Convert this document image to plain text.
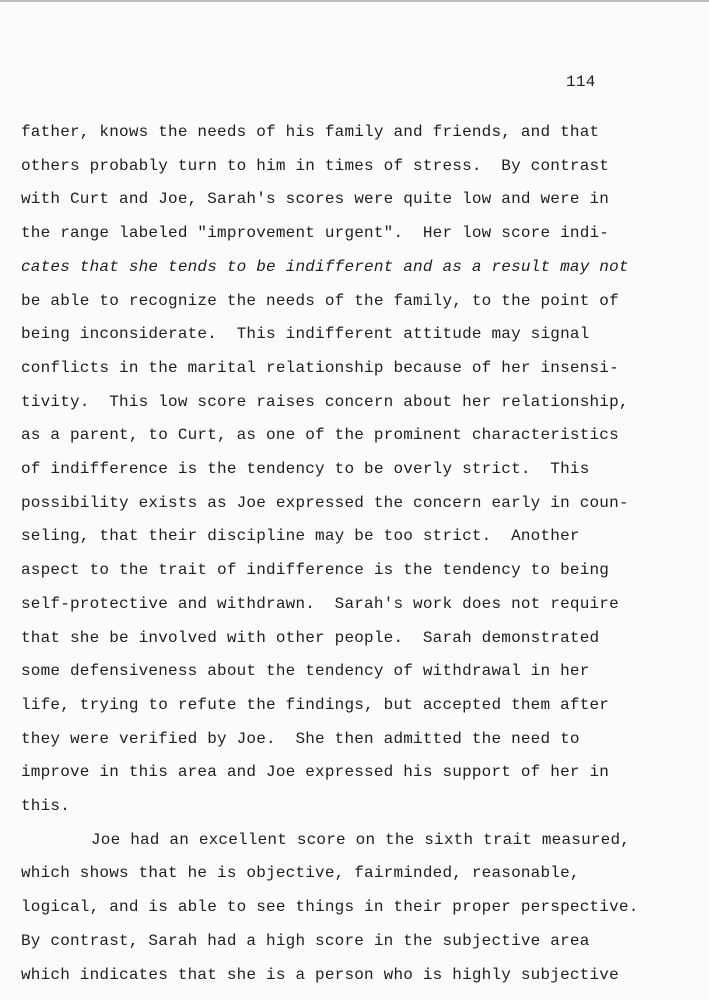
114
father, knows the needs of his family and friends, and that
others probably turn to him in times of stress.  By contrast
with Curt and Joe, Sarah's scores were quite low and were in
the range labeled "improvement urgent".  Her low score indi-
cates that she tends to be indifferent and as a result may not
be able to recognize the needs of the family, to the point of
being inconsiderate.  This indifferent attitude may signal
conflicts in the marital relationship because of her insensi-
tivity.  This low score raises concern about her relationship,
as a parent, to Curt, as one of the prominent characteristics
of indifference is the tendency to be overly strict.  This
possibility exists as Joe expressed the concern early in coun-
seling, that their discipline may be too strict.  Another
aspect to the trait of indifference is the tendency to being
self-protective and withdrawn.  Sarah's work does not require
that she be involved with other people.  Sarah demonstrated
some defensiveness about the tendency of withdrawal in her
life, trying to refute the findings, but accepted them after
they were verified by Joe.  She then admitted the need to
improve in this area and Joe expressed his support of her in
this.
Joe had an excellent score on the sixth trait measured,
which shows that he is objective, fairminded, reasonable,
logical, and is able to see things in their proper perspective.
By contrast, Sarah had a high score in the subjective area
which indicates that she is a person who is highly subjective
